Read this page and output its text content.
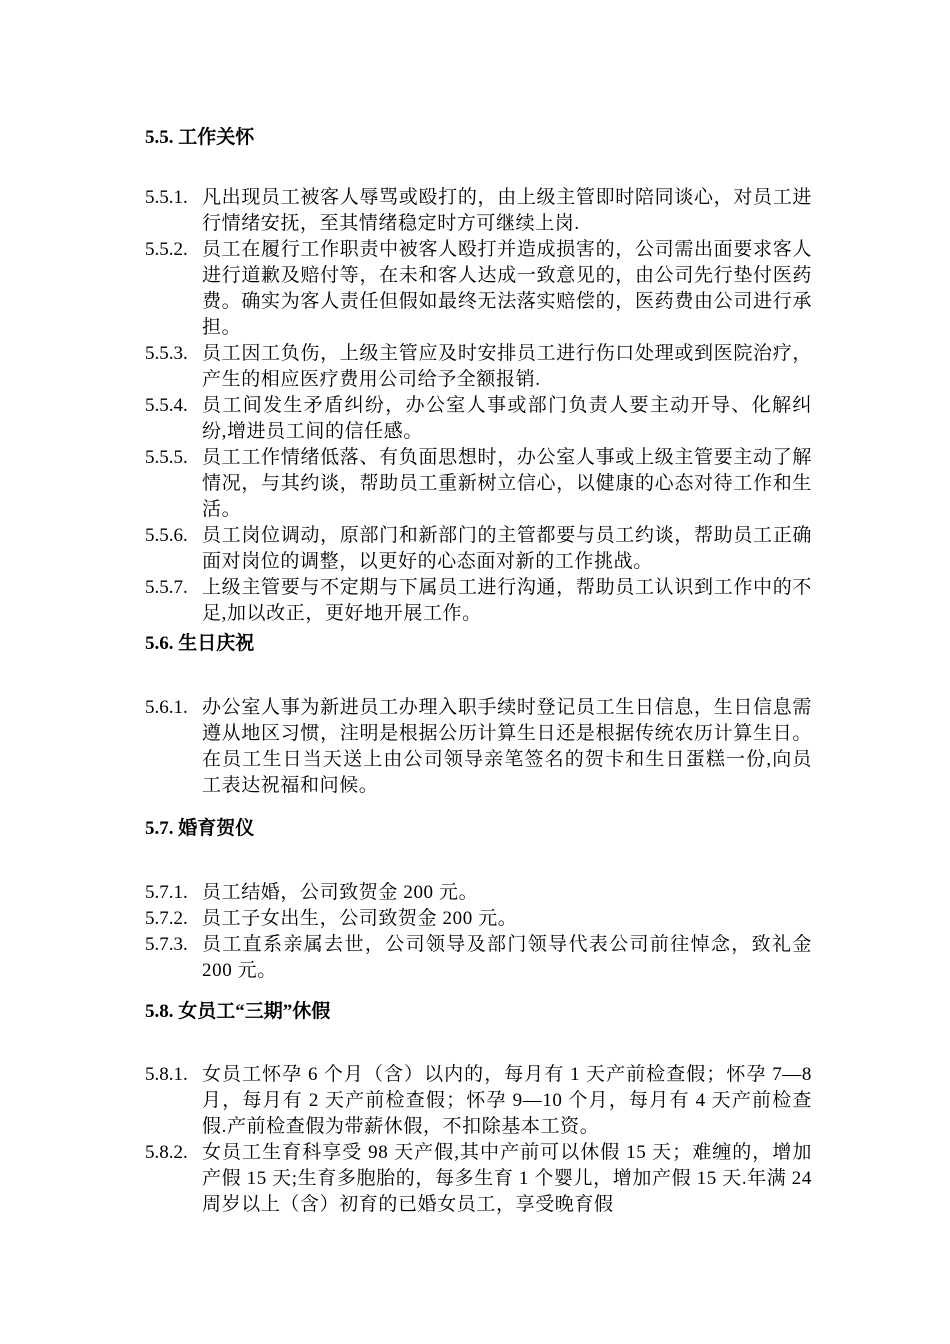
5.5. 工作关怀
5.5.1. 凡出现员工被客人辱骂或殴打的，由上级主管即时陪同谈心，对员工进行情绪安抚，至其情绪稳定时方可继续上岗.
5.5.2. 员工在履行工作职责中被客人殴打并造成损害的，公司需出面要求客人进行道歉及赔付等，在未和客人达成一致意见的，由公司先行垫付医药费。确实为客人责任但假如最终无法落实赔偿的，医药费由公司进行承担。
5.5.3. 员工因工负伤，上级主管应及时安排员工进行伤口处理或到医院治疗，产生的相应医疗费用公司给予全额报销.
5.5.4. 员工间发生矛盾纠纷，办公室人事或部门负责人要主动开导、化解纠纷,增进员工间的信任感。
5.5.5. 员工工作情绪低落、有负面思想时，办公室人事或上级主管要主动了解情况，与其约谈，帮助员工重新树立信心，以健康的心态对待工作和生活。
5.5.6. 员工岗位调动，原部门和新部门的主管都要与员工约谈，帮助员工正确面对岗位的调整，以更好的心态面对新的工作挑战。
5.5.7. 上级主管要与不定期与下属员工进行沟通，帮助员工认识到工作中的不足,加以改正，更好地开展工作。
5.6. 生日庆祝
5.6.1. 办公室人事为新进员工办理入职手续时登记员工生日信息，生日信息需遵从地区习惯，注明是根据公历计算生日还是根据传统农历计算生日。在员工生日当天送上由公司领导亲笔签名的贺卡和生日蛋糕一份,向员工表达祝福和问候。
5.7. 婚育贺仪
5.7.1. 员工结婚，公司致贺金 200 元。
5.7.2. 员工子女出生，公司致贺金 200 元。
5.7.3. 员工直系亲属去世，公司领导及部门领导代表公司前往悼念，致礼金 200 元。
5.8. 女员工“三期”休假
5.8.1. 女员工怀孕 6 个月（含）以内的，每月有 1 天产前检查假；怀孕 7—8 月，每月有 2 天产前检查假；怀孕 9—10 个月，每月有 4 天产前检查假.产前检查假为带薪休假，不扣除基本工资。
5.8.2. 女员工生育科享受 98 天产假,其中产前可以休假 15 天；难缠的，增加产假 15 天;生育多胞胎的，每多生育 1 个婴儿，增加产假 15 天.年满 24 周岁以上（含）初育的已婚女员工，享受晚育假
